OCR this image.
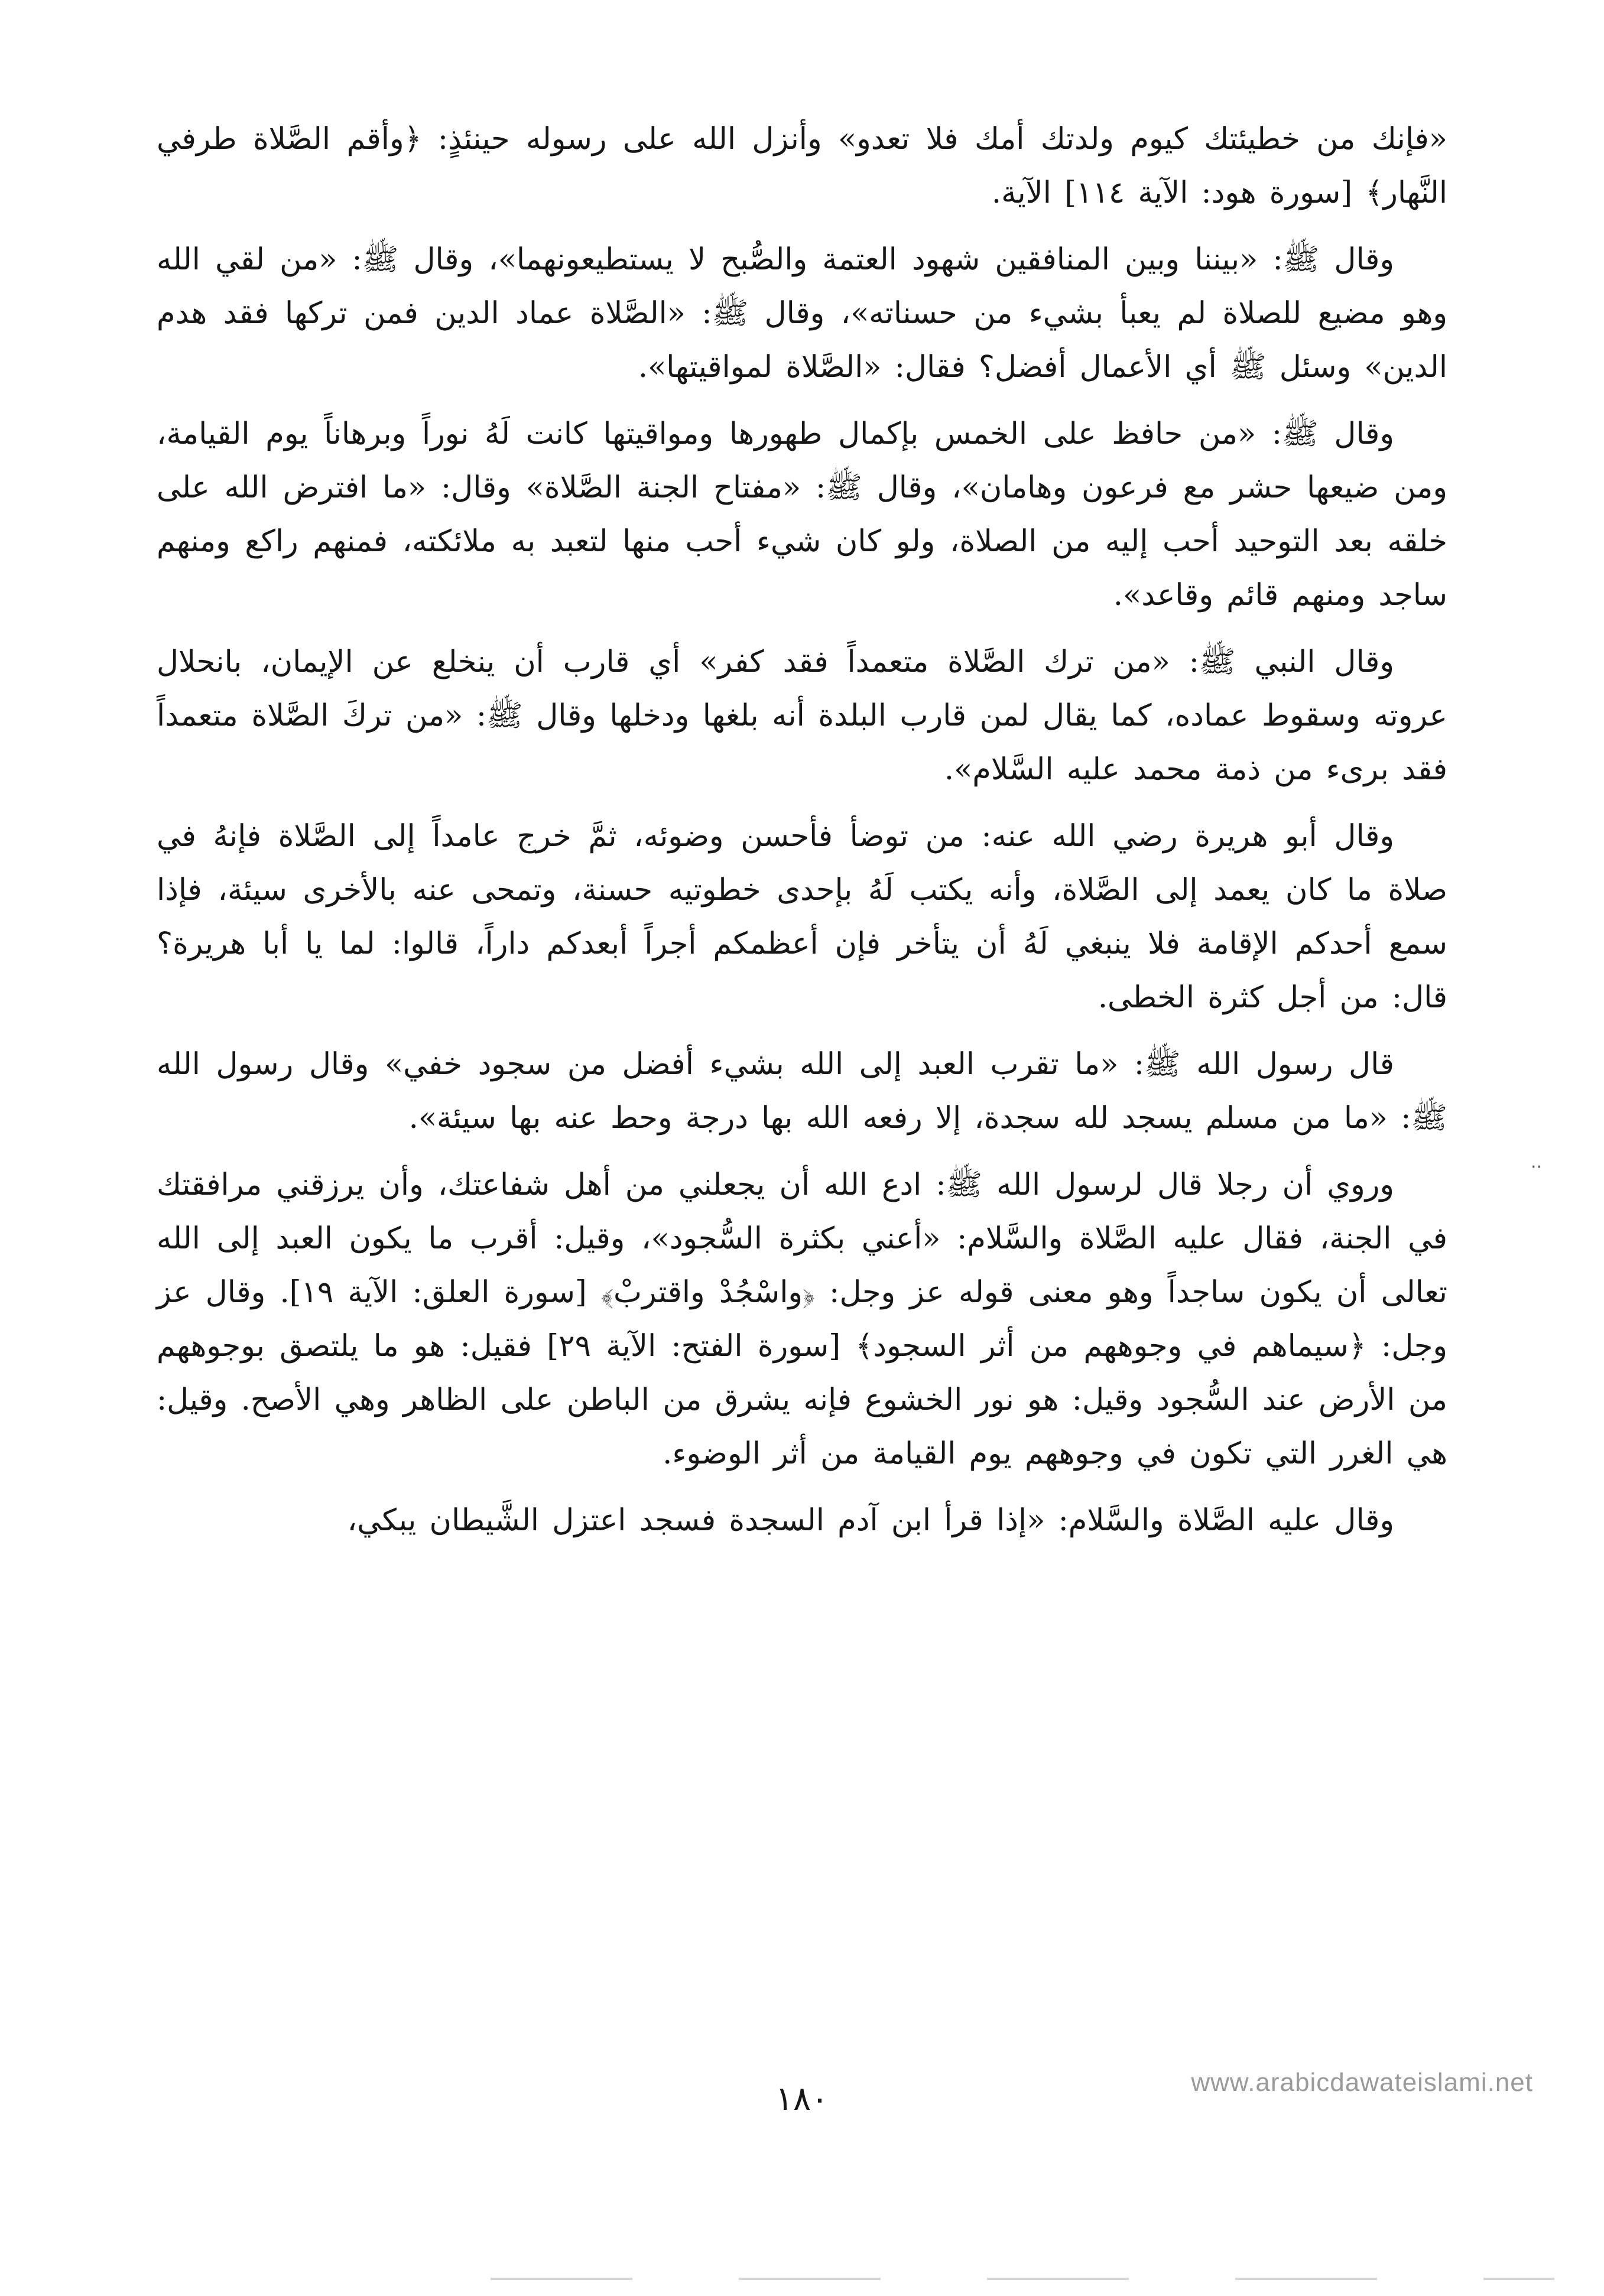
«فإنك من خطيئتك كيوم ولدتك أمك فلا تعدو» وأنزل الله على رسوله حينئذٍ: ﴿وأقم الصَّلاة طرفي النَّهار﴾ [سورة هود: الآية ١١٤] الآية.

وقال ﷺ: «بيننا وبين المنافقين شهود العتمة والصُّبح لا يستطيعونهما»، وقال ﷺ: «من لقي الله وهو مضيع للصلاة لم يعبأ بشيء من حسناته»، وقال ﷺ: «الصَّلاة عماد الدين فمن تركها فقد هدم الدين» وسئل ﷺ أي الأعمال أفضل؟ فقال: «الصَّلاة لمواقيتها».

وقال ﷺ: «من حافظ على الخمس بإكمال طهورها ومواقيتها كانت لَهُ نوراً وبرهاناً يوم القيامة، ومن ضيعها حشر مع فرعون وهامان»، وقال ﷺ: «مفتاح الجنة الصَّلاة» وقال: «ما افترض الله على خلقه بعد التوحيد أحب إليه من الصلاة، ولو كان شيء أحب منها لتعبد به ملائكته، فمنهم راكع ومنهم ساجد ومنهم قائم وقاعد».

وقال النبي ﷺ: «من ترك الصَّلاة متعمداً فقد كفر» أي قارب أن ينخلع عن الإيمان، بانحلال عروته وسقوط عماده، كما يقال لمن قارب البلدة أنه بلغها ودخلها وقال ﷺ: «من تركَ الصَّلاة متعمداً فقد برىء من ذمة محمد عليه السَّلام».

وقال أبو هريرة رضي الله عنه: من توضأ فأحسن وضوئه، ثمَّ خرج عامداً إلى الصَّلاة فإنهُ في صلاة ما كان يعمد إلى الصَّلاة، وأنه يكتب لَهُ بإحدى خطوتيه حسنة، وتمحى عنه بالأخرى سيئة، فإذا سمع أحدكم الإقامة فلا ينبغي لَهُ أن يتأخر فإن أعظمكم أجراً أبعدكم داراً، قالوا: لما يا أبا هريرة؟ قال: من أجل كثرة الخطى.

قال رسول الله ﷺ: «ما تقرب العبد إلى الله بشيء أفضل من سجود خفي» وقال رسول الله ﷺ: «ما من مسلم يسجد لله سجدة، إلا رفعه الله بها درجة وحط عنه بها سيئة».

وروي أن رجلا قال لرسول الله ﷺ: ادع الله أن يجعلني من أهل شفاعتك، وأن يرزقني مرافقتك في الجنة، فقال عليه الصَّلاة والسَّلام: «أعني بكثرة السُّجود»، وقيل: أقرب ما يكون العبد إلى الله تعالى أن يكون ساجداً وهو معنى قوله عز وجل: ﴿واسْجُدْ واقتربْ﴾ [سورة العلق: الآية ١٩]. وقال عز وجل: ﴿سيماهم في وجوههم من أثر السجود﴾ [سورة الفتح: الآية ٢٩] فقيل: هو ما يلتصق بوجوههم من الأرض عند السُّجود وقيل: هو نور الخشوع فإنه يشرق من الباطن على الظاهر وهي الأصح. وقيل: هي الغرر التي تكون في وجوههم يوم القيامة من أثر الوضوء.

وقال عليه الصَّلاة والسَّلام: «إذا قرأ ابن آدم السجدة فسجد اعتزل الشَّيطان يبكي،

··
١٨٠	www.arabicdawateislami.net
